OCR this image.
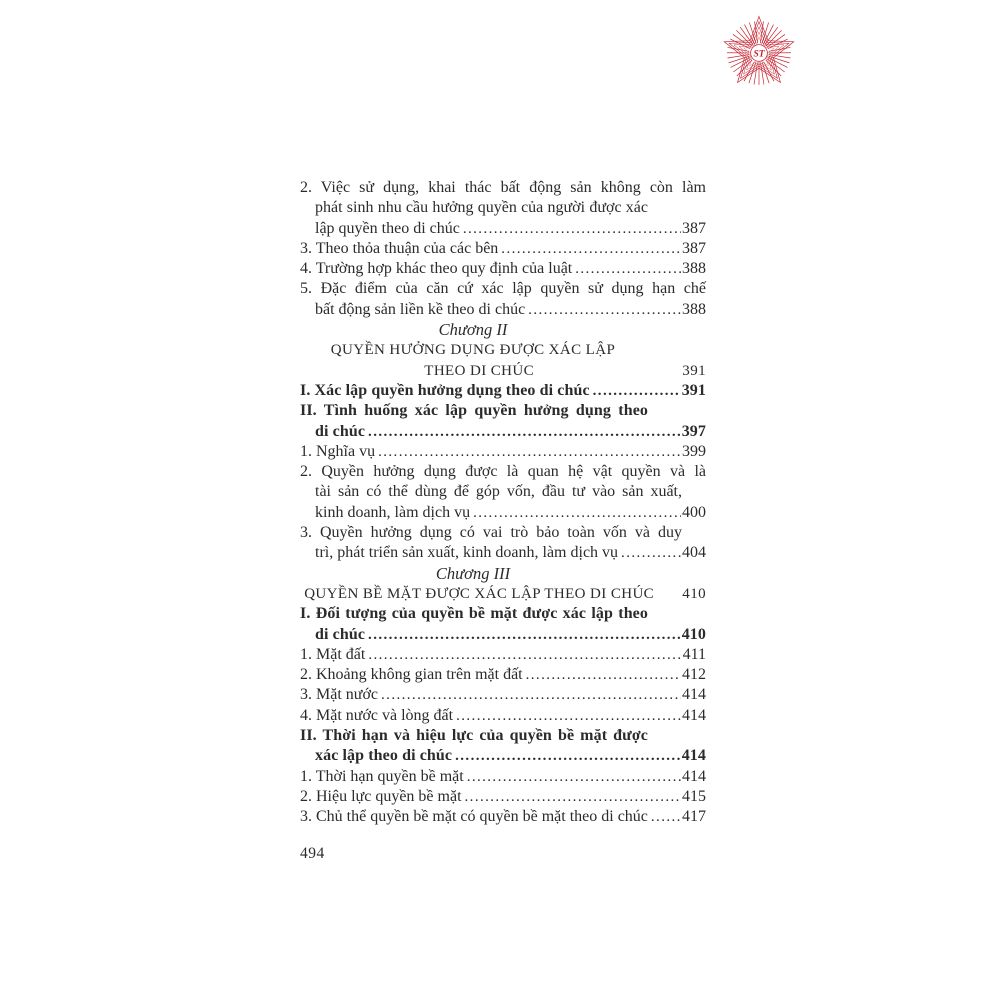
ST
2. Việc sử dụng, khai thác bất động sản không còn làm
phát sinh nhu cầu hưởng quyền của người được xác
lập quyền theo di chúc .....	387
3. Theo thỏa thuận của các bên .....	387
4. Trường hợp khác theo quy định của luật .....	388
5. Đặc điểm của căn cứ xác lập quyền sử dụng hạn chế
bất động sản liền kề theo di chúc .....	388
Chương II
QUYỀN HƯỞNG DỤNG ĐƯỢC XÁC LẬP
THEO DI CHÚC	391
I. Xác lập quyền hưởng dụng theo di chúc .....	391
II. Tình huống xác lập quyền hưởng dụng theo
di chúc .....	397
1. Nghĩa vụ .....	399
2. Quyền hưởng dụng được là quan hệ vật quyền và là
tài sản có thể dùng để góp vốn, đầu tư vào sản xuất,
kinh doanh, làm dịch vụ .....	400
3. Quyền hưởng dụng có vai trò bảo toàn vốn và duy
trì, phát triển sản xuất, kinh doanh, làm dịch vụ .....	404
Chương III
QUYỀN BỀ MẶT ĐƯỢC XÁC LẬP THEO DI CHÚC	410
I. Đối tượng của quyền bề mặt được xác lập theo
di chúc .....	410
1. Mặt đất .....	411
2. Khoảng không gian trên mặt đất .....	412
3. Mặt nước .....	414
4. Mặt nước và lòng đất .....	414
II. Thời hạn và hiệu lực của quyền bề mặt được
xác lập theo di chúc .....	414
1. Thời hạn quyền bề mặt .....	414
2. Hiệu lực quyền bề mặt .....	415
3. Chủ thể quyền bề mặt có quyền bề mặt theo di chúc ..... 417
494
